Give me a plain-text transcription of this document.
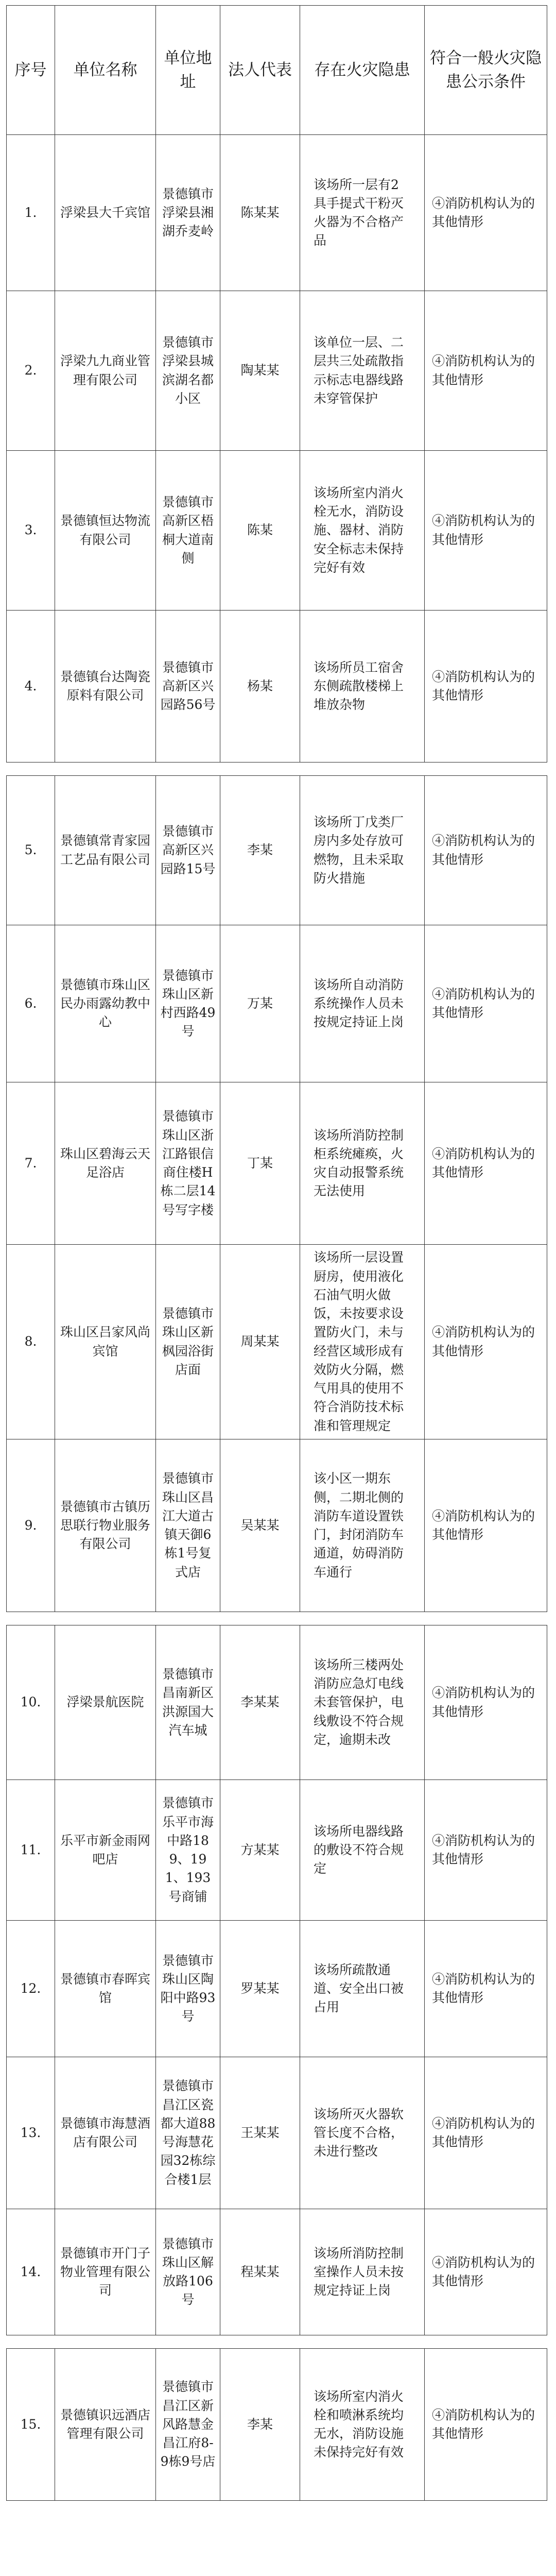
序号	单位名称	单位地址	法人代表	存在火灾隐患	符合一般火灾隐患公示条件
1.	浮梁县大千宾馆	景德镇市浮梁县湘湖乔麦岭	陈某某	该场所一层有2具手提式干粉灭火器为不合格产品	④消防机构认为的其他情形
2.	浮梁九九商业管理有限公司	景德镇市浮梁县城滨湖名都小区	陶某某	该单位一层、二层共三处疏散指示标志电器线路未穿管保护	④消防机构认为的其他情形
3.	景德镇恒达物流有限公司	景德镇市高新区梧桐大道南侧	陈某	该场所室内消火栓无水，消防设施、器材、消防安全标志未保持完好有效	④消防机构认为的其他情形
4.	景德镇台达陶瓷原料有限公司	景德镇市高新区兴园路56号	杨某	该场所员工宿舍东侧疏散楼梯上堆放杂物	④消防机构认为的其他情形

5.	景德镇常青家园工艺品有限公司	景德镇市高新区兴园路15号	李某	该场所丁戊类厂房内多处存放可燃物，且未采取防火措施	④消防机构认为的其他情形
6.	景德镇市珠山区民办雨露幼教中心	景德镇市珠山区新村西路49号	万某	该场所自动消防系统操作人员未按规定持证上岗	④消防机构认为的其他情形
7.	珠山区碧海云天足浴店	景德镇市珠山区浙江路银信商住楼H栋二层14号写字楼	丁某	该场所消防控制柜系统瘫痪，火灾自动报警系统无法使用	④消防机构认为的其他情形
8.	珠山区吕家风尚宾馆	景德镇市珠山区新枫园浴街店面	周某某	该场所一层设置厨房，使用液化石油气明火做饭，未按要求设置防火门，未与经营区域形成有效防火分隔，燃气用具的使用不符合消防技术标准和管理规定	④消防机构认为的其他情形
9.	景德镇市古镇历思联行物业服务有限公司	景德镇市珠山区昌江大道古镇天御6栋1号复式店	吴某某	该小区一期东侧，二期北侧的消防车道设置铁门，封闭消防车通道，妨碍消防车通行	④消防机构认为的其他情形

10.	浮梁景航医院	景德镇市昌南新区洪源国大汽车城	李某某	该场所三楼两处消防应急灯电线未套管保护，电线敷设不符合规定，逾期未改	④消防机构认为的其他情形
11.	乐平市新金雨网吧店	景德镇市乐平市海中路189、191、193号商铺	方某某	该场所电器线路的敷设不符合规定	④消防机构认为的其他情形
12.	景德镇市春晖宾馆	景德镇市珠山区陶阳中路93号	罗某某	该场所疏散通道、安全出口被占用	④消防机构认为的其他情形
13.	景德镇市海慧酒店有限公司	景德镇市昌江区瓷都大道88号海慧花园32栋综合楼1层	王某某	该场所灭火器软管长度不合格，未进行整改	④消防机构认为的其他情形
14.	景德镇市开门子物业管理有限公司	景德镇市珠山区解放路106号	程某某	该场所消防控制室操作人员未按规定持证上岗	④消防机构认为的其他情形

15.	景德镇识远酒店管理有限公司	景德镇市昌江区新风路慧金昌江府8-9栋9号店	李某	该场所室内消火栓和喷淋系统均无水，消防设施未保持完好有效	④消防机构认为的其他情形
